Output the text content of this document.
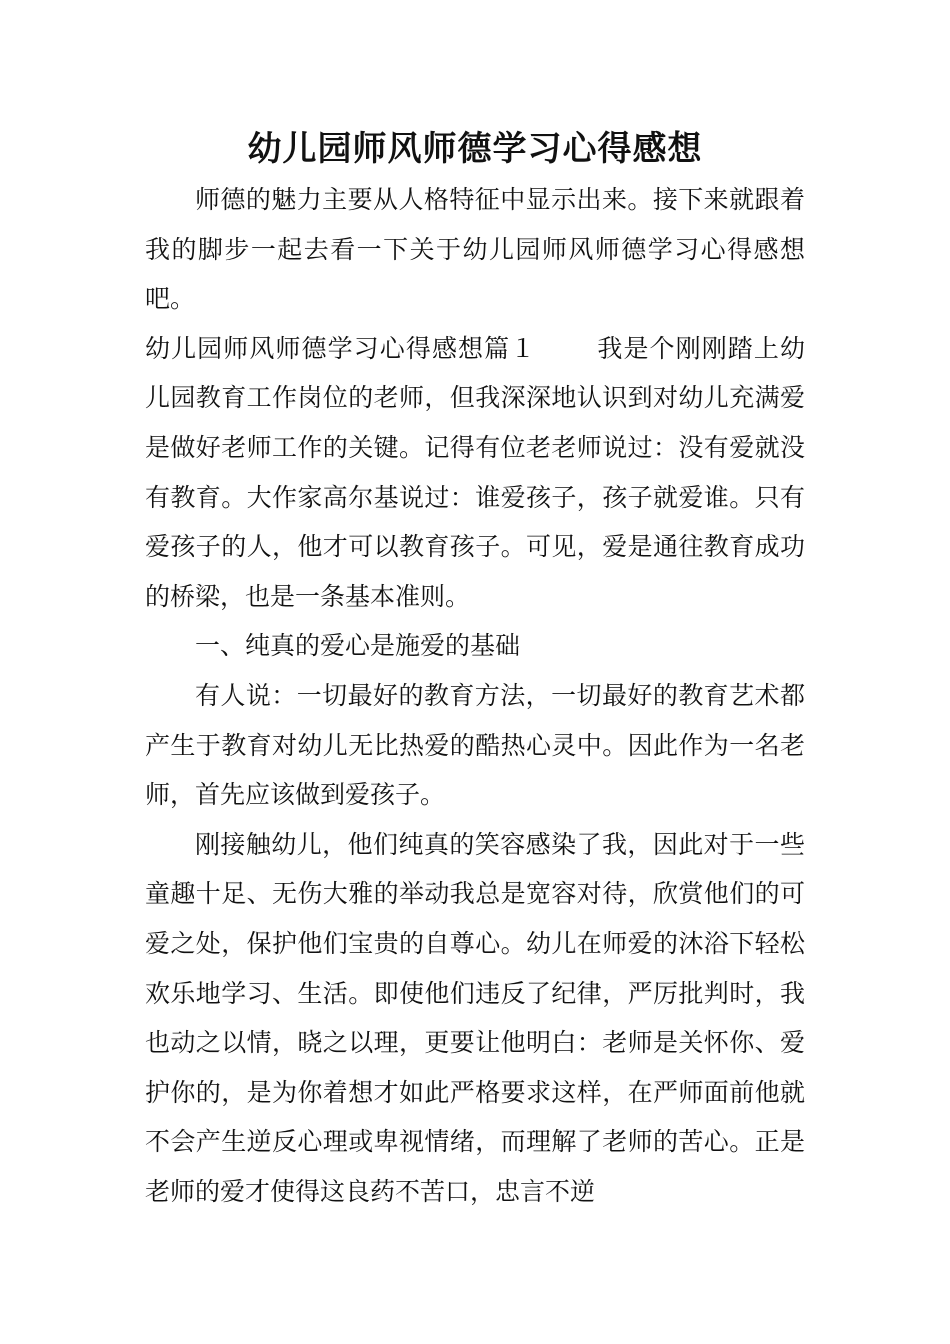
幼儿园师风师德学习心得感想

师德的魅力主要从人格特征中显示出来。接下来就跟着我的脚步一起去看一下关于幼儿园师风师德学习心得感想吧。

幼儿园师风师德学习心得感想篇１ 我是个刚刚踏上幼儿园教育工作岗位的老师，但我深深地认识到对幼儿充满爱是做好老师工作的关键。记得有位老老师说过：没有爱就没有教育。大作家高尔基说过：谁爱孩子，孩子就爱谁。只有爱孩子的人，他才可以教育孩子。可见，爱是通往教育成功的桥梁，也是一条基本准则。

一、纯真的爱心是施爱的基础

有人说：一切最好的教育方法，一切最好的教育艺术都产生于教育对幼儿无比热爱的酷热心灵中。因此作为一名老师，首先应该做到爱孩子。

刚接触幼儿，他们纯真的笑容感染了我，因此对于一些童趣十足、无伤大雅的举动我总是宽容对待，欣赏他们的可爱之处，保护他们宝贵的自尊心。幼儿在师爱的沐浴下轻松欢乐地学习、生活。即使他们违反了纪律，严厉批判时，我也动之以情，晓之以理，更要让他明白：老师是关怀你、爱护你的，是为你着想才如此严格要求这样，在严师面前他就不会产生逆反心理或卑视情绪，而理解了老师的苦心。正是老师的爱才使得这良药不苦口，忠言不逆
